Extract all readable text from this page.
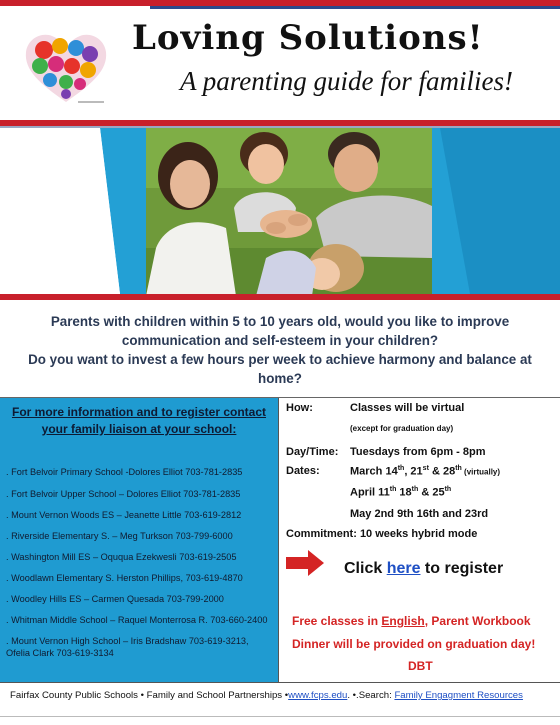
Loving Solutions!
A parenting guide for families!
Parents with children within 5 to 10 years old, would you like to improve
communication and self-esteem in your children?
Do you want to invest a few hours per week to achieve harmony and balance at home?
For more information and to register contact
your family liaison at your school:
. Fort Belvoir Primary School -Dolores Elliot 703-781-2835
. Fort Belvoir Upper School – Dolores Elliot 703-781-2835
. Mount Vernon Woods ES – Jeanette Little 703-619-2812
. Riverside Elementary S. – Meg Turkson 703-799-6000
. Washington Mill ES – Oququa Ezekwesli 703-619-2505
. Woodlawn Elementary S. Herston Phillips, 703-619-4870
. Woodley Hills ES – Carmen Quesada 703-799-2000
. Whitman Middle School – Raquel Monterrosa R. 703-660-2400
. Mount Vernon High School – Iris Bradshaw 703-619-3213,
Ofelia Clark 703-619-3134
How:	Classes will be virtual
(except for graduation day)
Day/Time: Tuesdays from 6pm - 8pm
Dates:	March 14th, 21st & 28th (virtually)
April 11th 18th & 25th
May 2nd 9th 16th and 23rd
Commitment: 10 weeks hybrid mode
Click here to register
Free classes in English, Parent Workbook
Dinner will be provided on graduation day!
DBT
Fairfax County Public Schools • Family and School Partnerships •www.fcps.edu. •.Search: Family Engagment Resources
